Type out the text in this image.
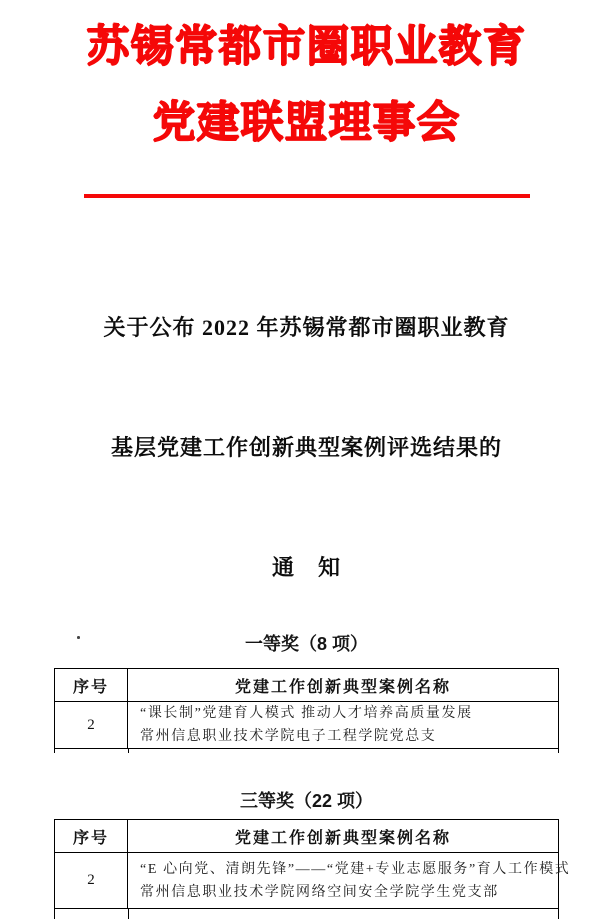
苏锡常都市圈职业教育
党建联盟理事会

关于公布 2022 年苏锡常都市圈职业教育

基层党建工作创新典型案例评选结果的

通　知

一等奖（8 项）
序号	党建工作创新典型案例名称
2
“课长制”党建育人模式 推动人才培养高质量发展
常州信息职业技术学院电子工程学院党总支
三等奖（22 项）
序号	党建工作创新典型案例名称
2
“E 心向党、清朗先锋”——“党建+专业志愿服务”育人工作模式
常州信息职业技术学院网络空间安全学院学生党支部
